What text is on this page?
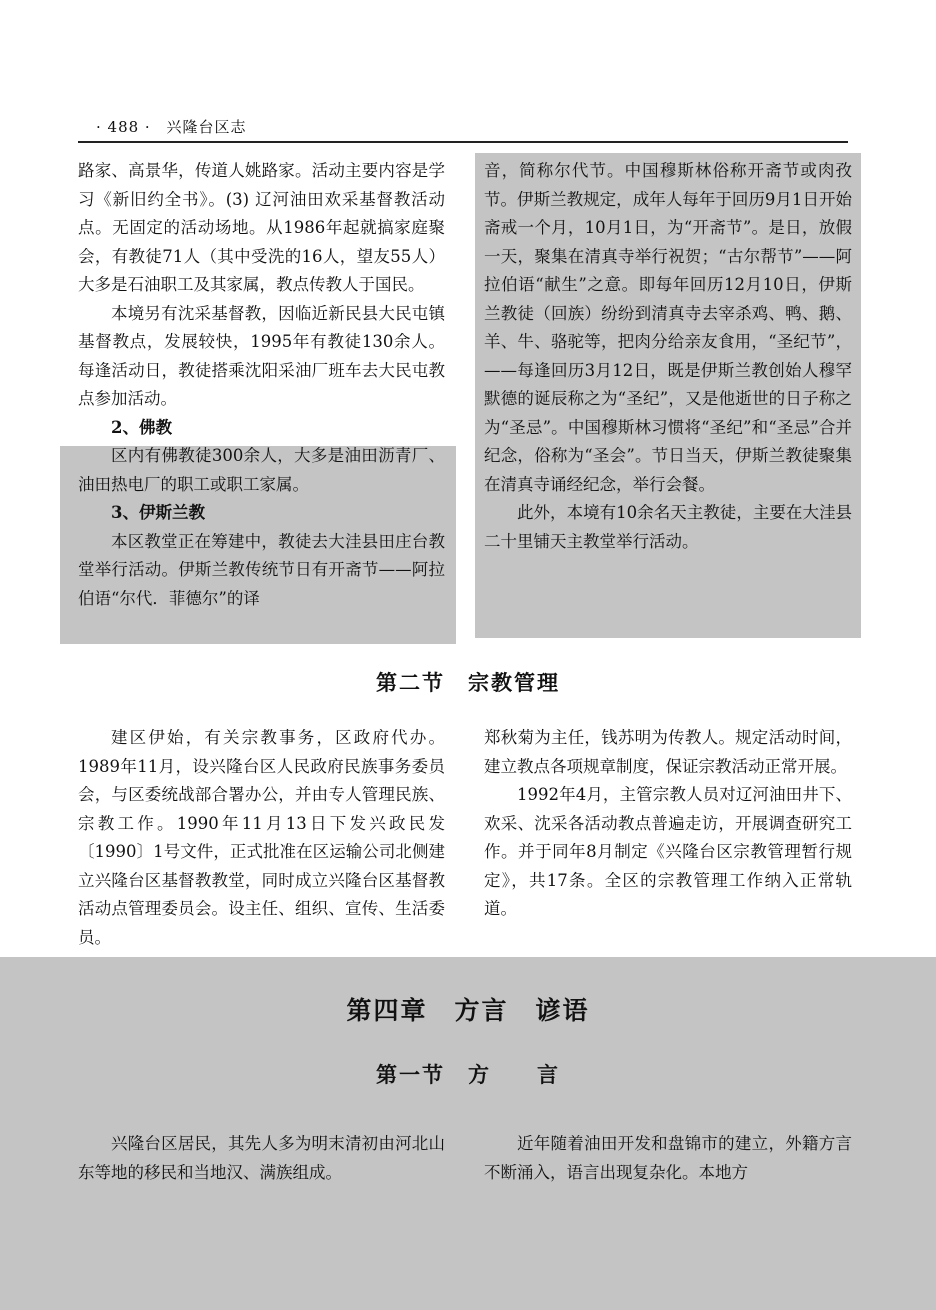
· 488 · 兴隆台区志

路家、高景华，传道人姚路家。活动主要内容是学习《新旧约全书》。(3) 辽河油田欢采基督教活动点。无固定的活动场地。从1986年起就搞家庭聚会，有教徒71人（其中受洗的16人，望友55人）大多是石油职工及其家属，教点传教人于国民。

本境另有沈采基督教，因临近新民县大民屯镇基督教点，发展较快，1995年有教徒130余人。每逢活动日，教徒搭乘沈阳采油厂班车去大民屯教点参加活动。

2、佛教

区内有佛教徒300余人，大多是油田沥青厂、油田热电厂的职工或职工家属。

3、伊斯兰教

本区教堂正在筹建中，教徒去大洼县田庄台教堂举行活动。伊斯兰教传统节日有开斋节——阿拉伯语“尔代．菲德尔”的译

音，简称尔代节。中国穆斯林俗称开斋节或肉孜节。伊斯兰教规定，成年人每年于回历9月1日开始斋戒一个月，10月1日，为“开斋节”。是日，放假一天，聚集在清真寺举行祝贺；“古尔帮节”——阿拉伯语“献生”之意。即每年回历12月10日，伊斯兰教徒（回族）纷纷到清真寺去宰杀鸡、鸭、鹅、羊、牛、骆驼等，把肉分给亲友食用，“圣纪节”，——每逢回历3月12日，既是伊斯兰教创始人穆罕默德的诞辰称之为“圣纪”，又是他逝世的日子称之为“圣忌”。中国穆斯林习惯将“圣纪”和“圣忌”合并纪念，俗称为“圣会”。节日当天，伊斯兰教徒聚集在清真寺诵经纪念，举行会餐。

此外，本境有10余名天主教徒，主要在大洼县二十里铺天主教堂举行活动。

第二节　宗教管理

建区伊始，有关宗教事务，区政府代办。1989年11月，设兴隆台区人民政府民族事务委员会，与区委统战部合署办公，并由专人管理民族、宗教工作。1990年11月13日下发兴政民发〔1990〕1号文件，正式批准在区运输公司北侧建立兴隆台区基督教教堂，同时成立兴隆台区基督教活动点管理委员会。设主任、组织、宣传、生活委员。

郑秋菊为主任，钱苏明为传教人。规定活动时间，建立教点各项规章制度，保证宗教活动正常开展。

1992年4月，主管宗教人员对辽河油田井下、欢采、沈采各活动教点普遍走访，开展调查研究工作。并于同年8月制定《兴隆台区宗教管理暂行规定》，共17条。全区的宗教管理工作纳入正常轨道。

第四章　方言　谚语
第一节　方　　言

兴隆台区居民，其先人多为明末清初由河北山东等地的移民和当地汉、满族组成。

近年随着油田开发和盘锦市的建立，外籍方言不断涌入，语言出现复杂化。本地方
